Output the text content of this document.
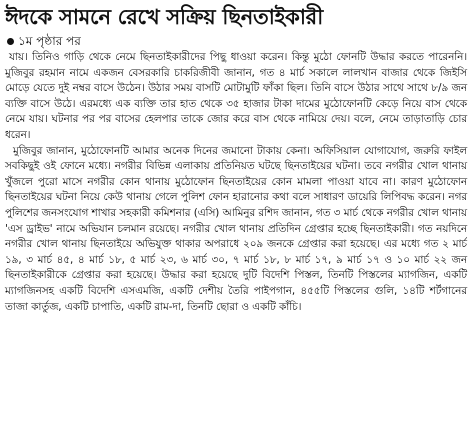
ঈদকে সামনে রেখে সক্রিয় ছিনতাইকারী
১ম পৃষ্ঠার পর

যায়। তিনিও গাড়ি থেকে নেমে ছিনতাইকারীদের পিছু ধাওয়া করেন। কিন্তু মুঠো ফোনটি উদ্ধার করতে পারেননি। মুজিবুর রহমান নামে একজন বেসরকারি চাকরিজীবী জানান, গত ৪ মার্চ সকালে লালখান বাজার থেকে জিইসি মোড়ে যেতে দুই নম্বর বাসে উঠেন। উঠার সময় বাসটি মোটামুটি ফাঁকা ছিল। তিনি বাসে উঠার সাথে সাথে ৮/৯ জন ব্যক্তি বাসে উঠে। এরমধ্যে এক ব্যক্তি তার হাত থেকে ৩৫ হাজার টাকা দামের মুঠোফোনটি কেড়ে নিয়ে বাস থেকে নেমে যায়। ঘটনার পর পর বাসের হেলপার তাকে জোর করে বাস থেকে নামিয়ে দেয়। বলে, নেমে তাড়াতাড়ি চোর ধরেন।

মুজিবুর জানান, মুঠোফোনটি আমার অনেক দিনের জমানো টাকায় কেনা। অফিসিয়াল যোগাযোগ, জরুরি ফাইল সবকিছুই ওই ফোনে মধ্যে। নগরীর বিভিন্ন এলাকায় প্রতিনিয়ত ঘটছে ছিনতাইয়ের ঘটনা। তবে নগরীর খোল থানায় খুঁজলে পুরো মাসে নগরীর কোন থানায় মুঠোফোন ছিনতাইয়ের কোন মামলা পাওয়া যাবে না। কারণ মুঠোফোন ছিনতাইয়ের ঘটনা নিয়ে কেউ থানায় গেলে পুলিশ ফোন হারানোর কথা বলে সাধারণ ডায়েরি লিপিবদ্ধ করেন। নগর পুলিশের জনসংযোগ শাখার সহকারী কমিশনার (এসি) আমিনুর রশিদ জানান, গত ৩ মার্চ থেকে নগরীর খোল থানায় 'এস ড্রাইভ' নামে অভিযান চলমান রয়েছে। নগরীর খোল থানায় প্রতিদিন গ্রেপ্তার হচ্ছে ছিনতাইকারী। গত নয়দিনে নগরীর খোল থানায় ছিনতাইয়ে অভিযুক্ত থাকার অপরাধে ২০৯ জনকে গ্রেপ্তার করা হয়েছে। এর মধ্যে গত ২ মার্চ ১৯, ৩ মার্চ ৪৫, ৪ মার্চ ১৮, ৫ মার্চ ২৩, ৬ মার্চ ৩০, ৭ মার্চ ১৮, ৮ মার্চ ১৭, ৯ মার্চ ১৭ ও ১০ মার্চ ২২ জন ছিনতাইকারীকে গ্রেপ্তার করা হয়েছে। উদ্ধার করা হয়েছে দুটি বিদেশি পিস্তল, তিনটি পিস্তলের ম্যাগজিন, একটি ম্যাগজিনসহ একটি বিদেশি এসএমজি, একটি দেশীয় তৈরি পাইপগান, ৪৫৫টি পিস্তলের গুলি, ১৪টি শর্টগানের তাজা কার্তুজ, একটি চাপাতি, একটি রাম-দা, তিনটি ছোরা ও একটি কাঁচি।
